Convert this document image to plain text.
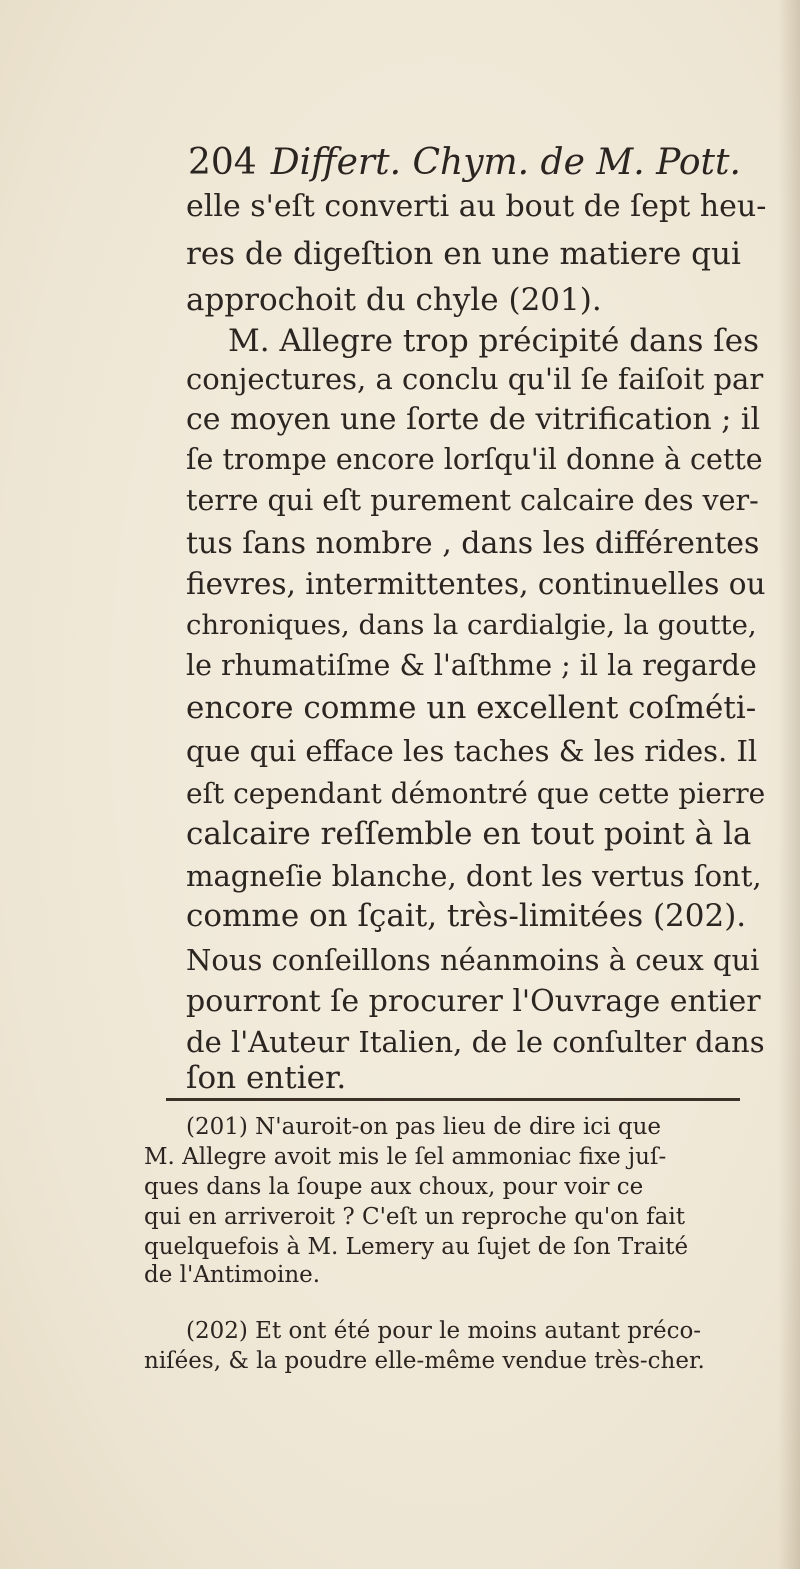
204 Differt. Chym. de M. Pott.
elle s'eſt converti au bout de ſept heu-
res de digeſtion en une matiere qui
approchoit du chyle (201).
M. Allegre trop précipité dans ſes
conjectures, a conclu qu'il ſe faiſoit par
ce moyen une ſorte de vitrification ; il
ſe trompe encore lorſqu'il donne à cette
terre qui eſt purement calcaire des ver-
tus ſans nombre , dans les différentes
fievres, intermittentes, continuelles ou
chroniques, dans la cardialgie, la goutte,
le rhumatiſme & l'aſthme ; il la regarde
encore comme un excellent coſméti-
que qui efface les taches & les rides. Il
eſt cependant démontré que cette pierre
calcaire reſſemble en tout point à la
magneſie blanche, dont les vertus ſont,
comme on ſçait, très-limitées (202).
Nous conſeillons néanmoins à ceux qui
pourront ſe procurer l'Ouvrage entier
de l'Auteur Italien, de le conſulter dans
ſon entier.
(201) N'auroit-on pas lieu de dire ici que
M. Allegre avoit mis le ſel ammoniac fixe juſ-
ques dans la ſoupe aux choux, pour voir ce
qui en arriveroit ? C'eſt un reproche qu'on fait
quelquefois à M. Lemery au ſujet de ſon Traité
de l'Antimoine.
(202) Et ont été pour le moins autant préco-
niſées, & la poudre elle-même vendue très-cher.
